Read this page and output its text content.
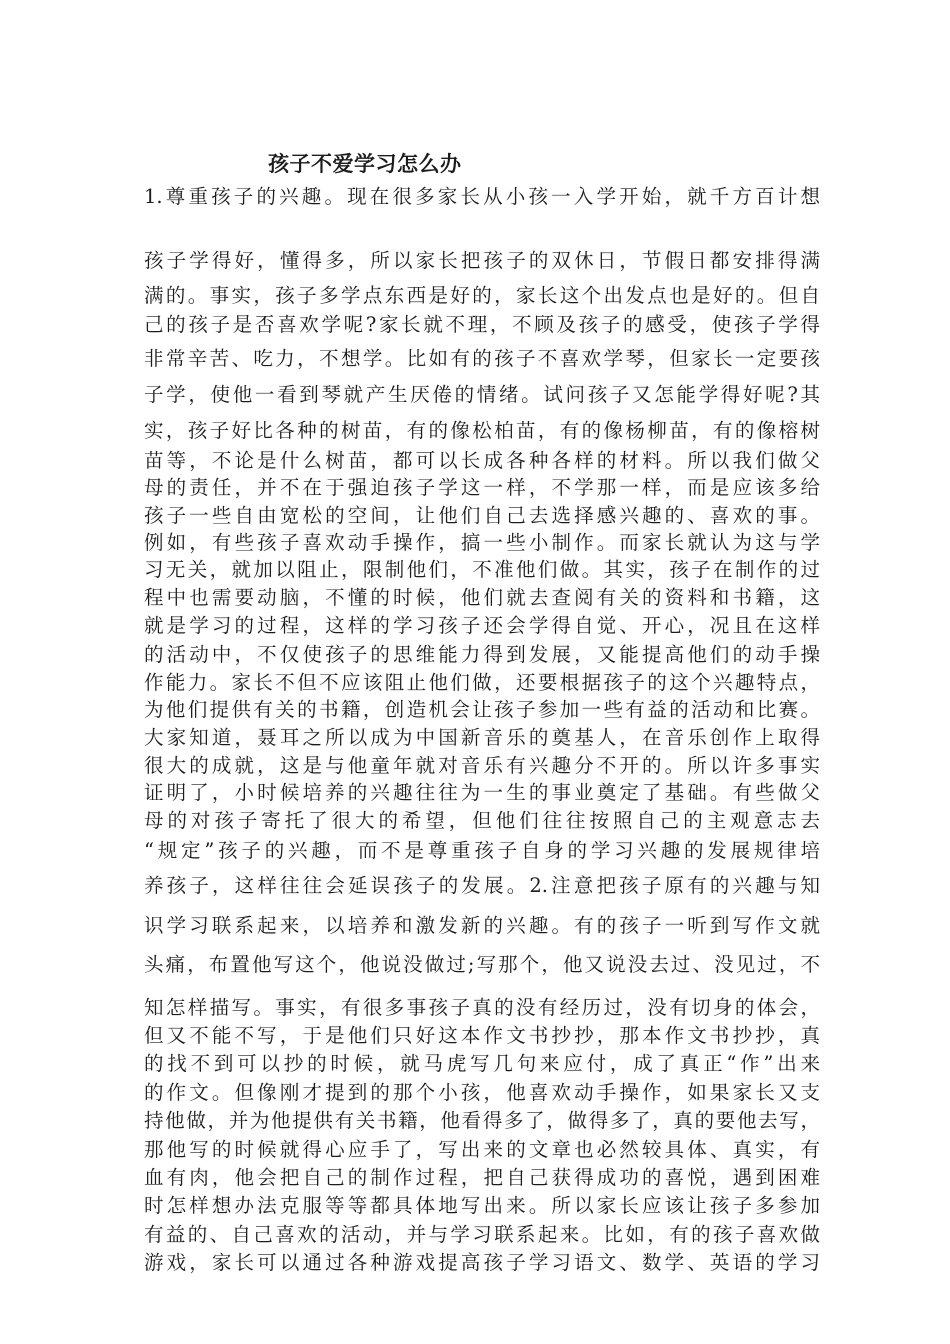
孩子不爱学习怎么办

1.尊重孩子的兴趣。现在很多家长从小孩一入学开始，就千方百计想

孩子学得好，懂得多，所以家长把孩子的双休日，节假日都安排得满

满的。事实，孩子多学点东西是好的，家长这个出发点也是好的。但自

己的孩子是否喜欢学呢?家长就不理，不顾及孩子的感受，使孩子学得

非常辛苦、吃力，不想学。比如有的孩子不喜欢学琴，但家长一定要孩

子学，使他一看到琴就产生厌倦的情绪。试问孩子又怎能学得好呢?其

实，孩子好比各种的树苗，有的像松柏苗，有的像杨柳苗，有的像榕树

苗等，不论是什么树苗，都可以长成各种各样的材料。所以我们做父

母的责任，并不在于强迫孩子学这一样，不学那一样，而是应该多给

孩子一些自由宽松的空间，让他们自己去选择感兴趣的、喜欢的事。

例如，有些孩子喜欢动手操作，搞一些小制作。而家长就认为这与学

习无关，就加以阻止，限制他们，不准他们做。其实，孩子在制作的过

程中也需要动脑，不懂的时候，他们就去查阅有关的资料和书籍，这

就是学习的过程，这样的学习孩子还会学得自觉、开心，况且在这样

的活动中，不仅使孩子的思维能力得到发展，又能提高他们的动手操

作能力。家长不但不应该阻止他们做，还要根据孩子的这个兴趣特点，

为他们提供有关的书籍，创造机会让孩子参加一些有益的活动和比赛。

大家知道，聂耳之所以成为中国新音乐的奠基人，在音乐创作上取得

很大的成就，这是与他童年就对音乐有兴趣分不开的。所以许多事实

证明了，小时候培养的兴趣往往为一生的事业奠定了基础。有些做父

母的对孩子寄托了很大的希望，但他们往往按照自己的主观意志去

“规定”孩子的兴趣，而不是尊重孩子自身的学习兴趣的发展规律培

养孩子，这样往往会延误孩子的发展。2.注意把孩子原有的兴趣与知

识学习联系起来，以培养和激发新的兴趣。有的孩子一听到写作文就

头痛，布置他写这个，他说没做过;写那个，他又说没去过、没见过，不

知怎样描写。事实，有很多事孩子真的没有经历过，没有切身的体会，

但又不能不写，于是他们只好这本作文书抄抄，那本作文书抄抄，真

的找不到可以抄的时候，就马虎写几句来应付，成了真正“作”出来

的作文。但像刚才提到的那个小孩，他喜欢动手操作，如果家长又支

持他做，并为他提供有关书籍，他看得多了，做得多了，真的要他去写，

那他写的时候就得心应手了，写出来的文章也必然较具体、真实，有

血有肉，他会把自己的制作过程，把自己获得成功的喜悦，遇到困难

时怎样想办法克服等等都具体地写出来。所以家长应该让孩子多参加

有益的、自己喜欢的活动，并与学习联系起来。比如，有的孩子喜欢做

游戏，家长可以通过各种游戏提高孩子学习语文、数学、英语的学习
